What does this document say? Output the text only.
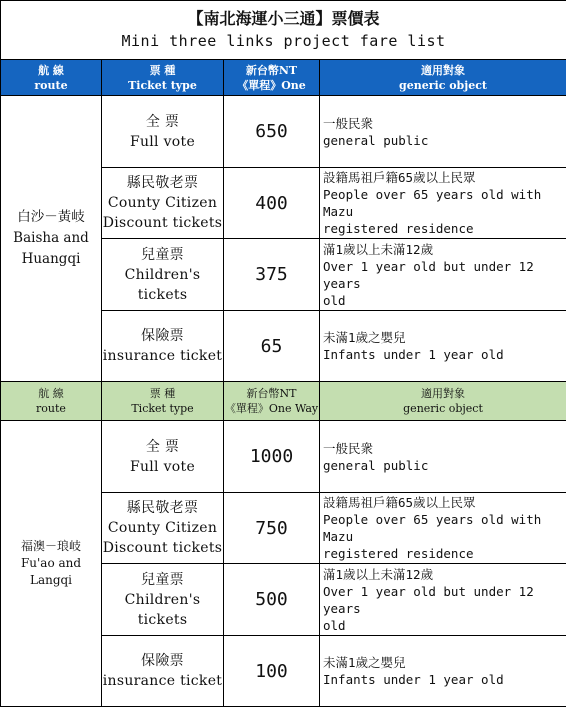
【南北海運小三通】票價表
Mini three links project fare list			

航 線
route	票 種
Ticket type	新台幣NT
《單程》One	適用對象
generic object

白沙－黃岐
Baisha and
Huangqi	全 票
Full vote	650	一般民衆
general public

	縣民敬老票
County Citizen
Discount tickets	400	設籍馬祖戶籍65歲以上民眾
People over 65 years old with Mazu
registered residence

	兒童票
Children's
tickets	375	滿1歲以上未滿12歲
Over 1 year old but under 12 years
old

	保險票
insurance ticket	65	未滿1歲之嬰兒
Infants under 1 year old

航 線
route	票 種
Ticket type	新台幣NT
《單程》One Way	適用對象
generic object

福澳－琅岐
Fu'ao and
Langqi	全 票
Full vote	1000	一般民衆
general public

	縣民敬老票
County Citizen
Discount tickets	750	設籍馬祖戶籍65歲以上民眾
People over 65 years old with Mazu
registered residence

	兒童票
Children's
tickets	500	滿1歲以上未滿12歲
Over 1 year old but under 12 years
old

	保險票
insurance ticket	100	未滿1歲之嬰兒
Infants under 1 year old
